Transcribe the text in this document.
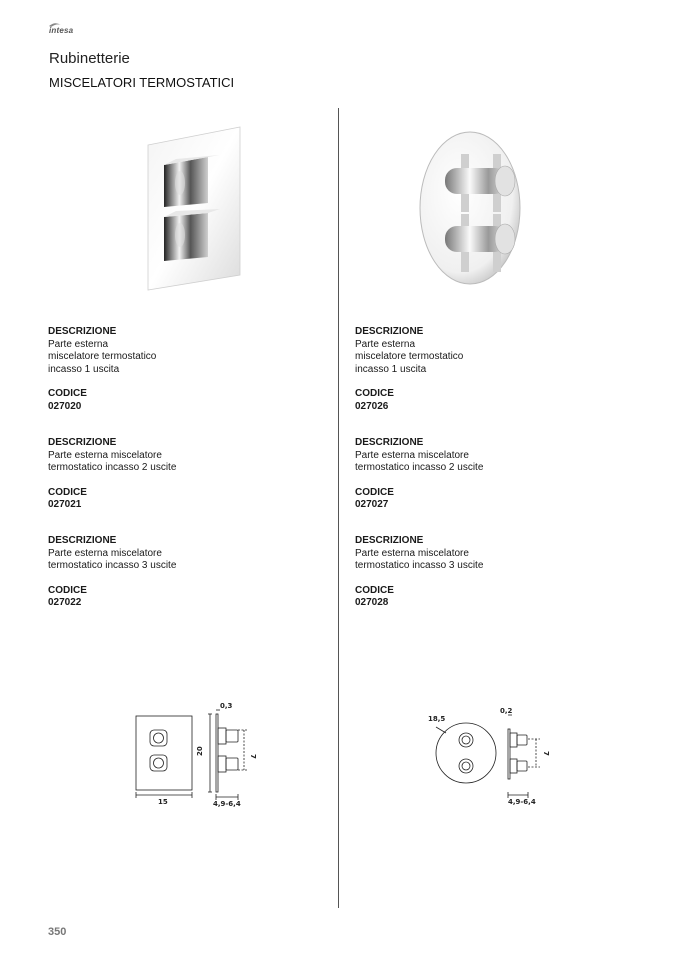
intesa
Rubinetterie
MISCELATORI TERMOSTATICI
DESCRIZIONE
Parte esterna
miscelatore termostatico
incasso 1 uscita
CODICE
027020
DESCRIZIONE
Parte esterna miscelatore
termostatico incasso 2 uscite
CODICE
027021
DESCRIZIONE
Parte esterna miscelatore
termostatico incasso 3 uscite
CODICE
027022
DESCRIZIONE
Parte esterna
miscelatore termostatico
incasso 1 uscita
CODICE
027026
DESCRIZIONE
Parte esterna miscelatore
termostatico incasso 2 uscite
CODICE
027027
DESCRIZIONE
Parte esterna miscelatore
termostatico incasso 3 uscite
CODICE
027028
0,3
20
7
15	4,9-6,4
18,5
0,2
7
4,9-6,4
350
